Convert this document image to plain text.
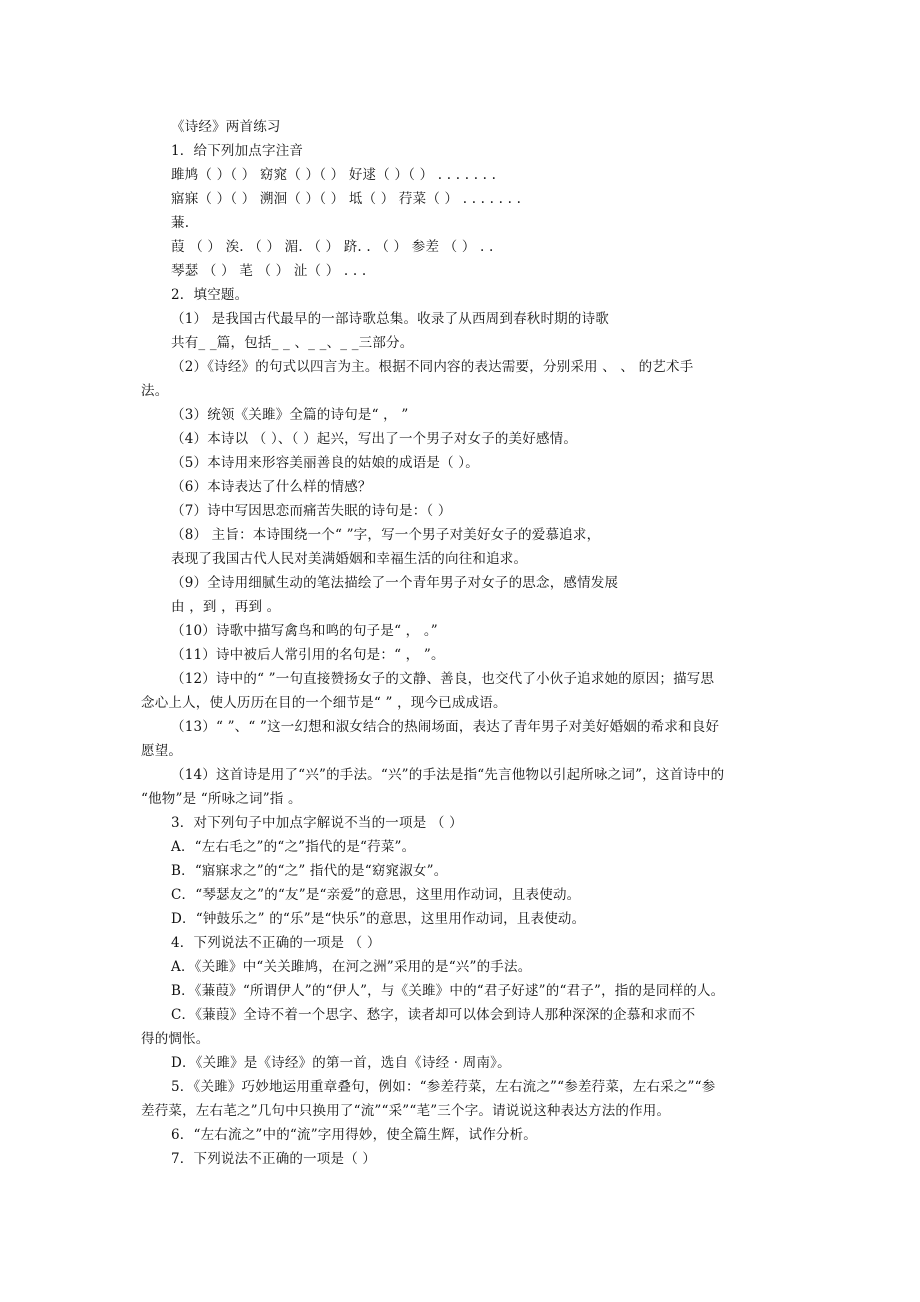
《诗经》两首练习
1．给下列加点字注音
雎鸠（ ）（ ） 窈窕（ ）（ ） 好逑（ ）（ ） . . . . . . .
寤寐（ ）（ ） 溯洄（ ）（ ） 坻（ ） 荇菜（ ） . . . . . . .
蒹.
葭 （ ） 涘. （ ） 湄. （ ） 跻. . （ ） 参差 （ ） . .
琴瑟 （ ） 芼 （ ） 沚（ ） . . .
2．填空题。
（1） 是我国古代最早的一部诗歌总集。收录了从西周到春秋时期的诗歌
共有_ _篇，包括_ _ 、_ _、_ _三部分。
（2）《诗经》的句式以四言为主。根据不同内容的表达需要，分别采用 、 、 的艺术手
法。
（3）统领《关雎》全篇的诗句是“ ， ”
（4）本诗以 （ ）、（ ）起兴，写出了一个男子对女子的美好感情。
（5）本诗用来形容美丽善良的姑娘的成语是（ ）。
（6）本诗表达了什么样的情感？
（7）诗中写因思恋而痛苦失眠的诗句是：（ ）
（8） 主旨：本诗围绕一个“ ”字，写一个男子对美好女子的爱慕追求，
表现了我国古代人民对美满婚姻和幸福生活的向往和追求。
（9）全诗用细腻生动的笔法描绘了一个青年男子对女子的思念，感情发展
由 ，到 ，再到 。
（10）诗歌中描写禽鸟和鸣的句子是“ ， 。”
（11）诗中被后人常引用的名句是：“ ， ”。
（12）诗中的“ ”一句直接赞扬女子的文静、善良，也交代了小伙子追求她的原因；描写思
念心上人，使人历历在目的一个细节是“ ” ，现今已成成语。
（13）“ ”、“ ”这一幻想和淑女结合的热闹场面，表达了青年男子对美好婚姻的希求和良好
愿望。
（14）这首诗是用了“兴”的手法。“兴”的手法是指“先言他物以引起所咏之词”，这首诗中的
“他物”是 “所咏之词”指 。
3．对下列句子中加点字解说不当的一项是 （ ）
A．“左右毛之”的“之”指代的是“荇菜”。
B．“寤寐求之”的“之” 指代的是“窈窕淑女”。
C．“琴瑟友之”的“友”是“亲爱”的意思，这里用作动词，且表使动。
D．“钟鼓乐之” 的“乐”是“快乐”的意思，这里用作动词，且表使动。
4．下列说法不正确的一项是 （ ）
A．《关雎》中“关关雎鸠，在河之洲”采用的是“兴”的手法。
B．《蒹葭》“所谓伊人”的“伊人”，与《关雎》中的“君子好逑”的“君子”，指的是同样的人。
C．《蒹葭》全诗不着一个思字、愁字，读者却可以体会到诗人那种深深的企慕和求而不
得的惆怅。
D．《关雎》是《诗经》的第一首，选自《诗经 · 周南》。
5．《关雎》巧妙地运用重章叠句，例如：“参差荇菜，左右流之”“参差荇菜，左右采之”“参
差荇菜，左右芼之”几句中只换用了“流”“采”“芼”三个字。请说说这种表达方法的作用。
6．“左右流之”中的“流”字用得妙，使全篇生辉，试作分析。
7．下列说法不正确的一项是（ ）
